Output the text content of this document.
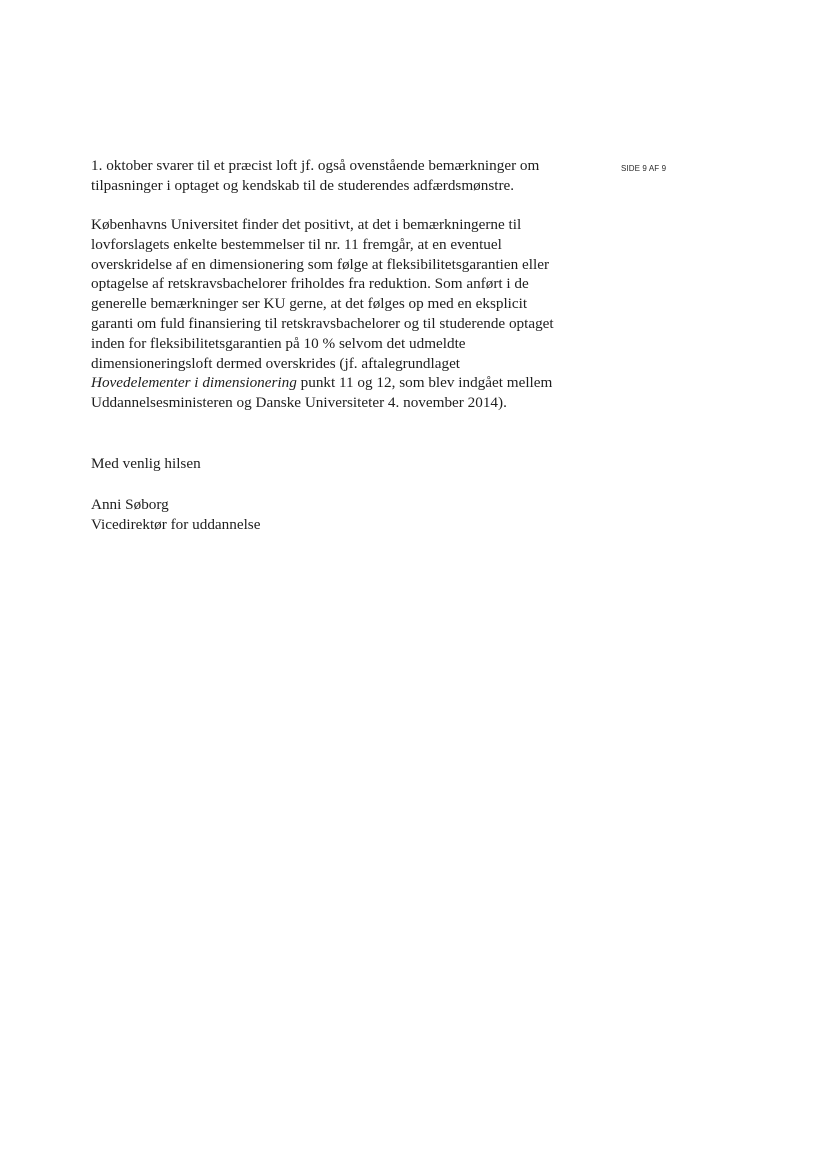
SIDE 9 AF 9
1. oktober svarer til et præcist loft jf. også ovenstående bemærkninger om
tilpasninger i optaget og kendskab til de studerendes adfærdsmønstre.
Københavns Universitet finder det positivt, at det i bemærkningerne til
lovforslagets enkelte bestemmelser til nr. 11 fremgår, at en eventuel
overskridelse af en dimensionering som følge at fleksibilitetsgarantien eller
optagelse af retskravsbachelorer friholdes fra reduktion. Som anført i de
generelle bemærkninger ser KU gerne, at det følges op med en eksplicit
garanti om fuld finansiering til retskravsbachelorer og til studerende optaget
inden for fleksibilitetsgarantien på 10 % selvom det udmeldte
dimensioneringsloft dermed overskrides (jf. aftalegrundlaget
Hovedelementer i dimensionering punkt 11 og 12, som blev indgået mellem
Uddannelsesministeren og Danske Universiteter 4. november 2014).
Med venlig hilsen
Anni Søborg
Vicedirektør for uddannelse
